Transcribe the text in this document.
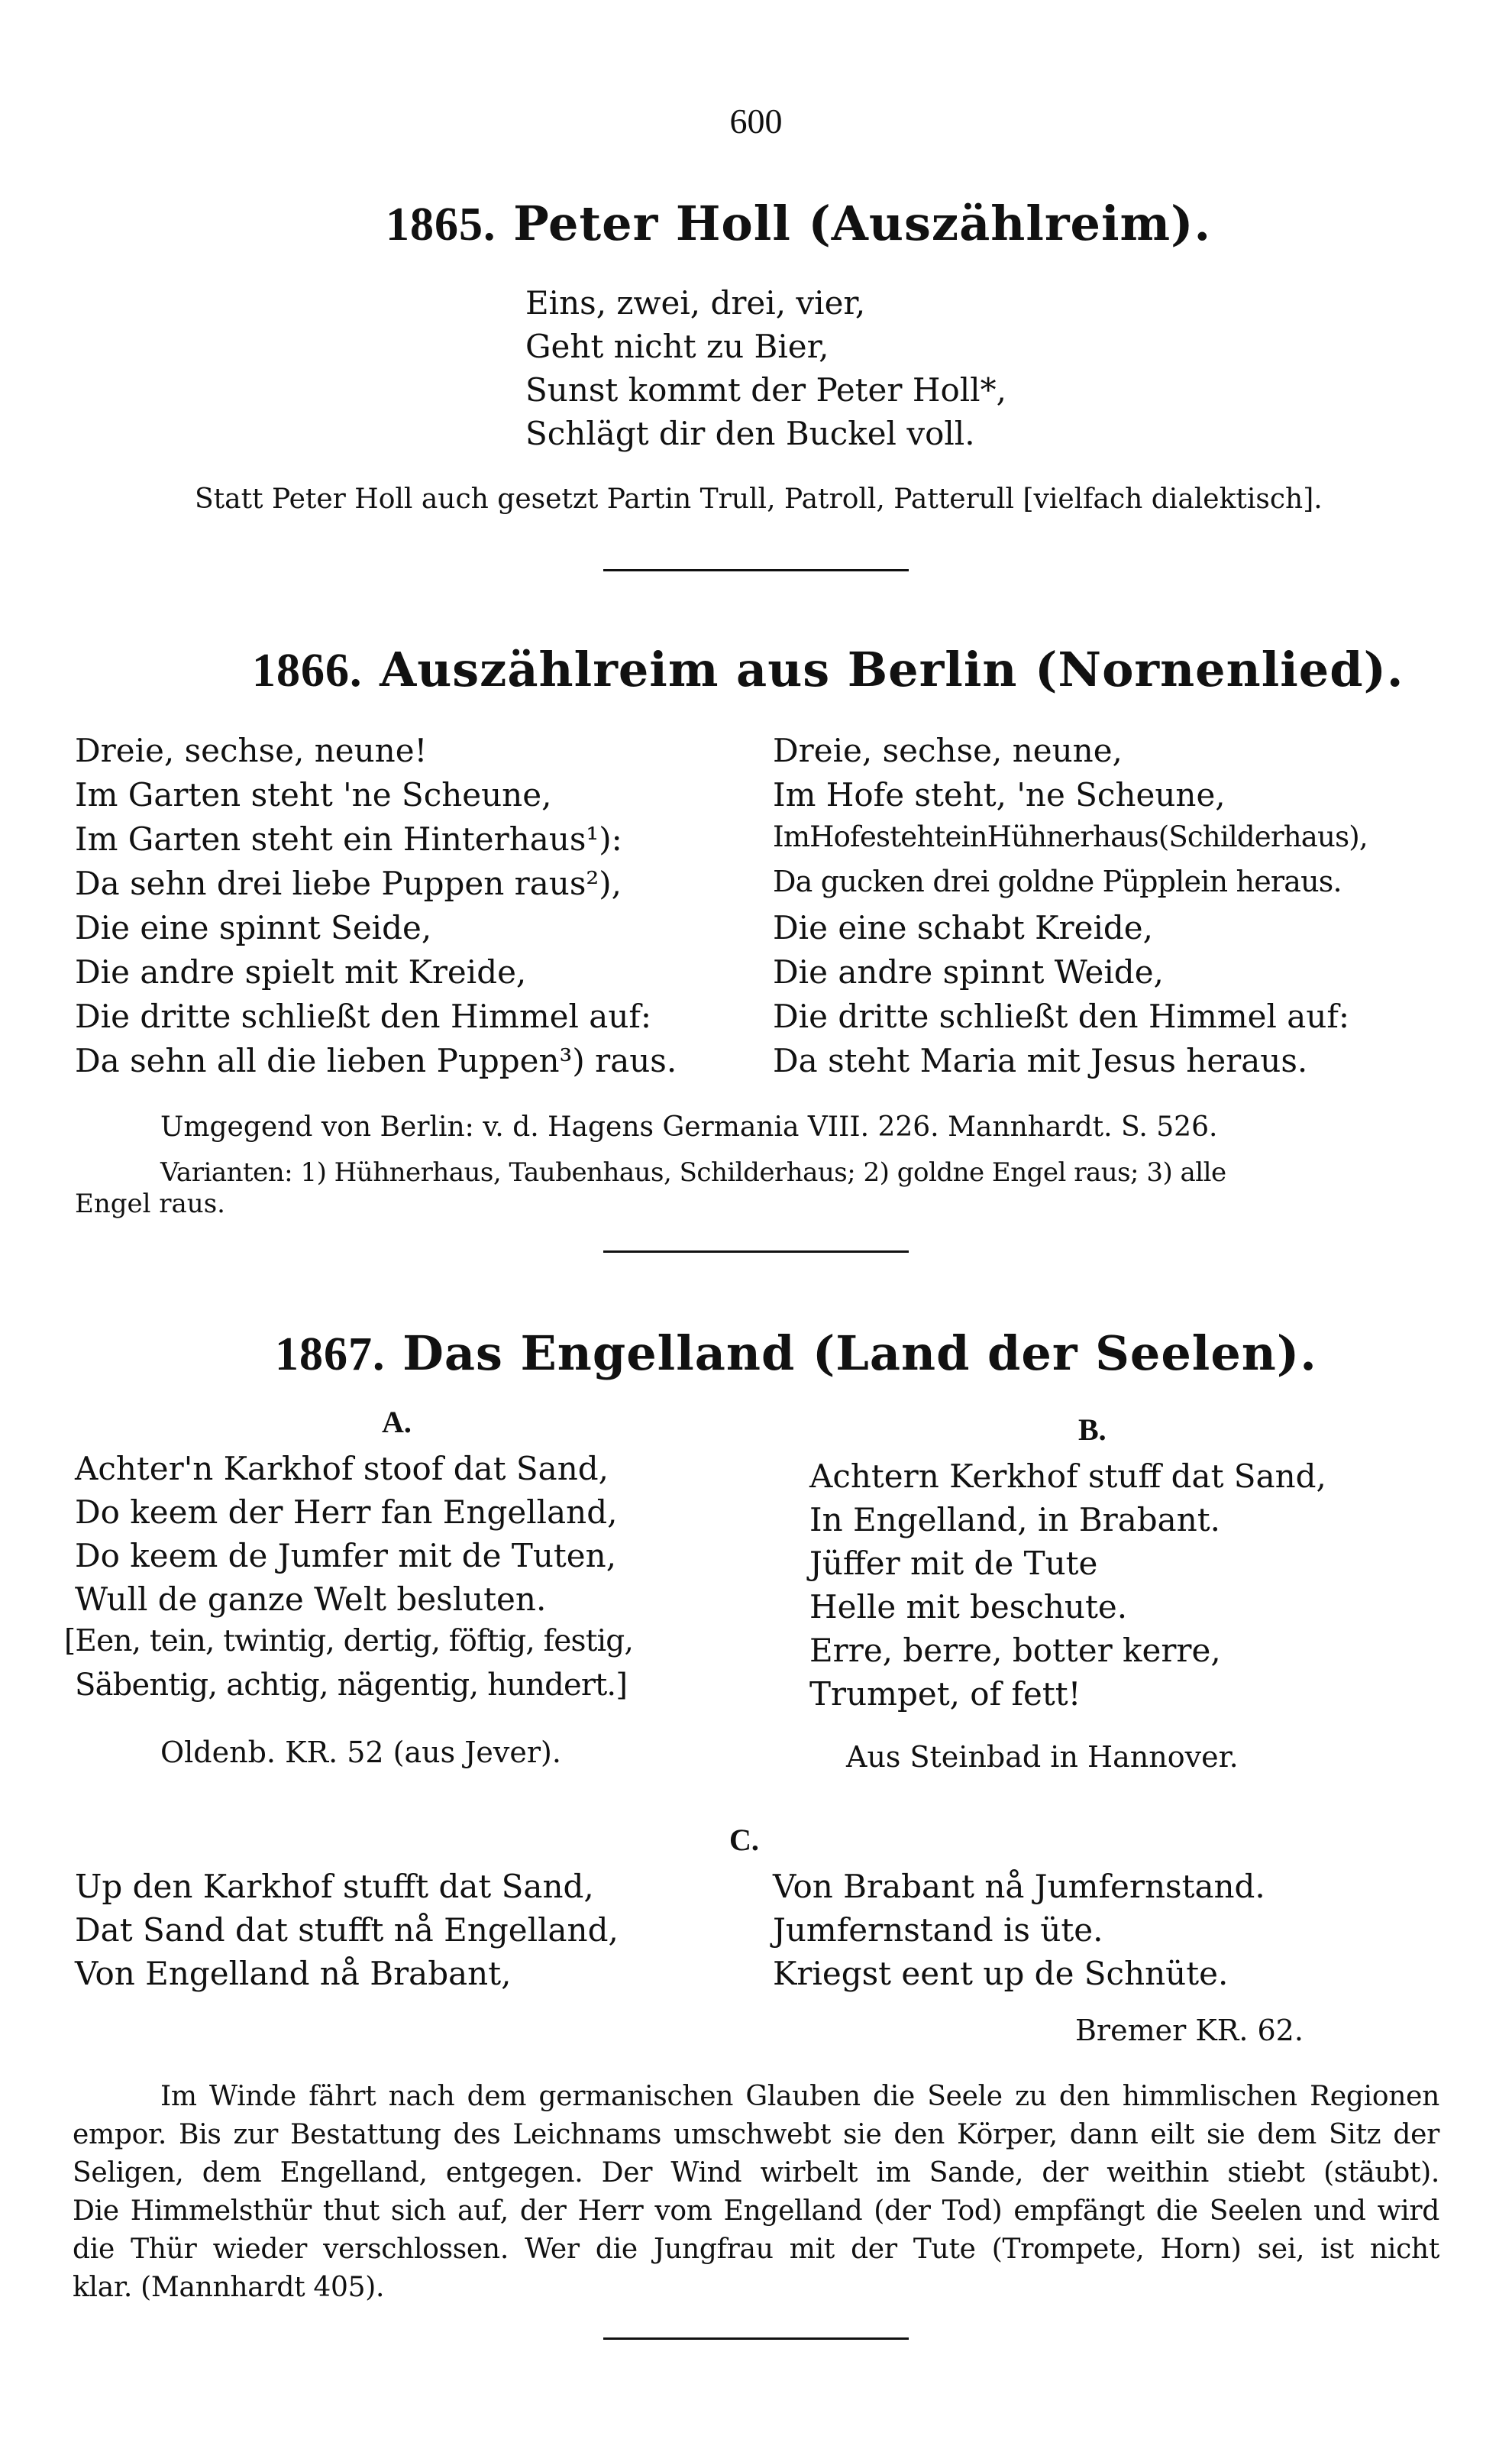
600
1865. Peter Holl (Auszählreim).
Eins, zwei, drei, vier,
Geht nicht zu Bier,
Sunst kommt der Peter Holl*,
Schlägt dir den Buckel voll.
Statt Peter Holl auch gesetzt Partin Trull, Patroll, Patterull [vielfach dialektisch].
1866. Auszählreim aus Berlin (Nornenlied).
Dreie, sechse, neune!
Im Garten steht 'ne Scheune,
Im Garten steht ein Hinterhaus¹):
Da sehn drei liebe Puppen raus²),
Die eine spinnt Seide,
Die andre spielt mit Kreide,
Die dritte schließt den Himmel auf:
Da sehn all die lieben Puppen³) raus.
Dreie, sechse, neune,
Im Hofe steht, 'ne Scheune,
ImHofestehteinHühnerhaus(Schilderhaus),
Da gucken drei goldne Püpplein heraus.
Die eine schabt Kreide,
Die andre spinnt Weide,
Die dritte schließt den Himmel auf:
Da steht Maria mit Jesus heraus.
Umgegend von Berlin: v. d. Hagens Germania VIII. 226. Mannhardt. S. 526.
Varianten: 1) Hühnerhaus, Taubenhaus, Schilderhaus; 2) goldne Engel raus; 3) alle
Engel raus.
1867. Das Engelland (Land der Seelen).
A.	B.
Achter'n Karkhof stoof dat Sand,
Do keem der Herr fan Engelland,
Do keem de Jumfer mit de Tuten,
Wull de ganze Welt besluten.
[Een, tein, twintig, dertig, föftig, festig,
Säbentig, achtig, nägentig, hundert.]
Achtern Kerkhof stuff dat Sand,
In Engelland, in Brabant.
Jüffer mit de Tute
Helle mit beschute.
Erre, berre, botter kerre,
Trumpet, of fett!
Oldenb. KR. 52 (aus Jever).	Aus Steinbad in Hannover.
C.
Up den Karkhof stufft dat Sand,
Dat Sand dat stufft nå Engelland,
Von Engelland nå Brabant,
Von Brabant nå Jumfernstand.
Jumfernstand is üte.
Kriegst eent up de Schnüte.
Bremer KR. 62.
Im Winde fährt nach dem germanischen Glauben die Seele zu den himmlischen Regionen
empor. Bis zur Bestattung des Leichnams umschwebt sie den Körper, dann eilt sie dem Sitz der
Seligen, dem Engelland, entgegen. Der Wind wirbelt im Sande, der weithin stiebt (stäubt).
Die Himmelsthür thut sich auf, der Herr vom Engelland (der Tod) empfängt die Seelen und wird
die Thür wieder verschlossen. Wer die Jungfrau mit der Tute (Trompete, Horn) sei, ist nicht
klar. (Mannhardt 405).
